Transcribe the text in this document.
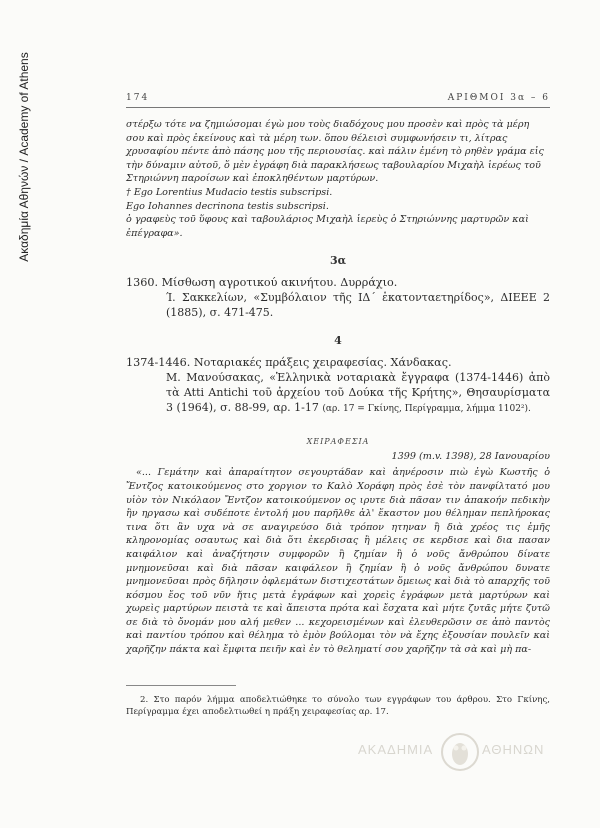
Ακαδημία Αθηνών / Academy of Athens	174	ΑΡΙΘΜΟΙ 3α – 6

στέρξω τότε να ζημιώσομαι έγὼ μου τοὺς διαδόχους μου προσὲν καὶ πρὸς τὰ μέρη σου καὶ πρὸς ἐκείνους καὶ τὰ μέρη των. ὅπου θέλεισὶ συμφωνήσειν τι, λίτρας χρυσαφίου πέντε ἀπὸ πάσης μου τῆς περιουσίας. καὶ πάλιν ἐμένη τὸ ρηθὲν γράμα εἰς τὴν δύναμιν αὐτοῦ, ὅ μὲν ἐγράφη διὰ παρακλήσεως ταβουλαρίου Μιχαὴλ ἱερέως τοῦ Στηριώννη παροίσων καὶ ἐποκληθέντων μαρτύρων.

† Ego Lorentius Mudacio testis subscripsi.

Ego Iohannes decrinona testis subscripsi.

ὁ γραφεὺς τοῦ ὕφους καὶ ταβουλάριος Μιχαὴλ ἱερεὺς ὁ Στηριώννης μαρτυρῶν καὶ ἐπέγραφα».

3α

1360. Μίσθωση αγροτικού ακινήτου. Δυρράχιο.

Ί. Σακκελίων, «Συμβόλαιον τῆς ΙΔ΄ ἑκατονταετηρίδος», ΔΙΕΕΕ 2 (1885), σ. 471-475.

4

1374-1446. Νοταριακές πράξεις χειραφεσίας. Χάνδακας.

Μ. Μανούσακας, «Ἑλληνικὰ νοταριακὰ ἔγγραφα (1374-1446) ἀπὸ τὰ Atti Antichi τοῦ ἀρχείου τοῦ Δούκα τῆς Κρήτης», Θησαυρίσματα 3 (1964), σ. 88-99, αρ. 1-17 (αρ. 17 = Γκίνης, Περίγραμμα, λήμμα 1102²).

ΧΕΙΡΑΦΕΣΙΑ
1399 (m.v. 1398), 28 Ιανουαρίου

«... Γεμάτην καὶ ἀπαραίτητον σεγουρτάδαν καὶ ἀηνέροσιν πιὼ ἐγὼ Κωστῆς ὁ Ἔντζος κατοικούμενος στο χοργιον το Καλὸ Χοράφη πρὸς ἐσὲ τὸν πανφίλτατό μου υἱὸν τὸν Νικόλαον Ἔντζον κατοικούμενον ος ιρυτε διὰ πᾶσαν τιν ἀπακοήν πεδικὴν ἢν ηργασω καὶ συδέποτε ἐντολή μου παρῆλθε ἀλ' ἕκαστον μου θέλημαν πεπλήροκας τινα ὅτι ἂν υχα νὰ σε αναγιρεύσο διὰ τρόπον ητηναν ἢ διὰ χρέος τις ἐμῆς κληρονομίας οσαυτως καὶ διὰ ὅτι ἐκερδισας ἢ μέλεις σε κερδισε καὶ δια πασαν καιφάλιον καὶ ἀναζήτησιν συμφορῶν ἢ ζημίαν ἢ ὁ νοῦς ἄνθρώπου δίνατε μνημονεῦσαι καὶ διὰ πᾶσαν καιφάλεον ἢ ζημίαν ἢ ὁ νοῦς ἄνθρώπου δυνατε μνημονεῦσαι πρὸς δῆλησιν ὀφλεμάτων διστιχεστάτων ὅμειως καὶ διὰ τὸ απαρχῆς τοῦ κόσμου ἕος τοῦ νῦν ἤτις μετὰ ἐγράφων καὶ χορεὶς ἐγράφων μετὰ μαρτύρων καὶ χωρεὶς μαρτύρων πειστὰ τε καὶ ἄπειστα πρότα καὶ ἔσχατα καὶ μήτε ζυτᾶς μήτε ζυτῶ σε διὰ τὸ ὄνομάν μου αλή μεθεν ... κεχορεισμένων καὶ ἐλευθερῶσιν σε ἀπὸ παντὸς καὶ παντίου τρόπου καὶ θέλημα τὸ ἐμὸν βούλομαι τὸν νὰ ἔχης ἐξουσίαν πουλεῖν καὶ χαρῆζην πάκτα καὶ ἔμφιτα πειῆν καὶ ἐν τὸ θεληματί σου χαρῆζην τὰ σὰ καὶ μὴ πα-

2. Στο παρόν λήμμα αποδελτιώθηκε το σύνολο των εγγράφων του άρθρου. Στο Γκίνης, Περίγραμμα έχει αποδελτιωθεί η πράξη χειραφεσίας αρ. 17.

ΑΚΑΔΗΜΙΑ	ΑΘΗΝΩΝ
